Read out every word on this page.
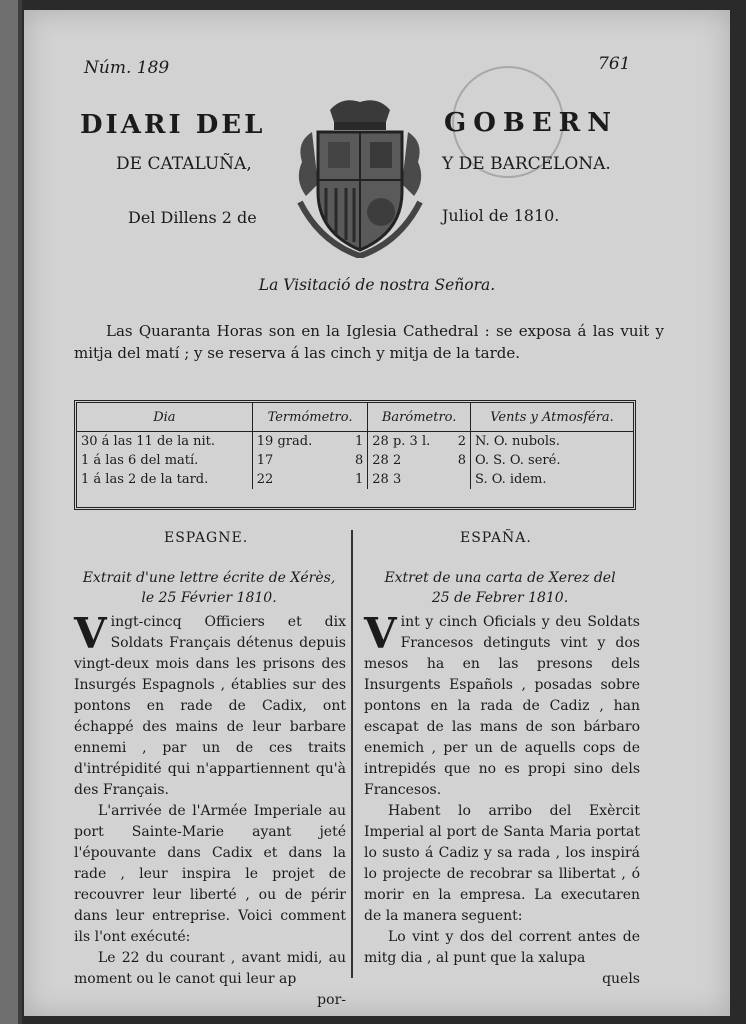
Núm. 189	761
DIARI DEL	GOBERN
DE CATALUÑA,	Y DE BARCELONA.
Del Dillens 2 de	Juliol de 1810.
La Visitació de nostra Señora.

Las Quaranta Horas son en la Iglesia Cathedral : se exposa á las vuit y mitja del matí ; y se reserva á las cinch y mitja de la tarde.

Dia	Termómetro.		Barómetro.		Vents y Atmosféra.
30 á las 11 de la nit.	19 grad.	1	28 p. 3 l.	2	N. O. nubols.
1 á las 6 del matí.	17	8	28 2	8	O. S. O. seré.
1 á las 2 de la tard.	22	1	28 3		S. O. idem.
ESPAGNE.
Extrait d'une lettre écrite de Xérès,
le 25 Février 1810.

Vingt-cincq Officiers et dix Soldats Français détenus depuis vingt-deux mois dans les prisons des Insurgés Espagnols , établies sur des pontons en rade de Cadix, ont échappé des mains de leur barbare ennemi , par un de ces traits d'intrépidité qui n'appartiennent qu'à des Français.

L'arrivée de l'Armée Imperiale au port Sainte-Marie ayant jeté l'épouvante dans Cadix et dans la rade , leur inspira le projet de recouvrer leur liberté , ou de périr dans leur entreprise. Voici comment ils l'ont exécuté:

Le 22 du courant , avant midi, au moment ou le canot qui leur ap

por-

ESPAÑA.
Extret de una carta de Xerez del
25 de Febrer 1810.

Vint y cinch Oficials y deu Soldats Francesos detinguts vint y dos mesos ha en las presons dels Insurgents Españols , posadas sobre pontons en la rada de Cadiz , han escapat de las mans de son bárbaro enemich , per un de aquells cops de intrepidés que no es propi sino dels Francesos.

Habent lo arribo del Exèrcit Imperial al port de Santa Maria portat lo susto á Cadiz y sa rada , los inspirá lo projecte de recobrar sa llibertat , ó morir en la empresa. La executaren de la manera seguent:

Lo vint y dos del corrent antes de mitg dia , al punt que la xalupa

quels
